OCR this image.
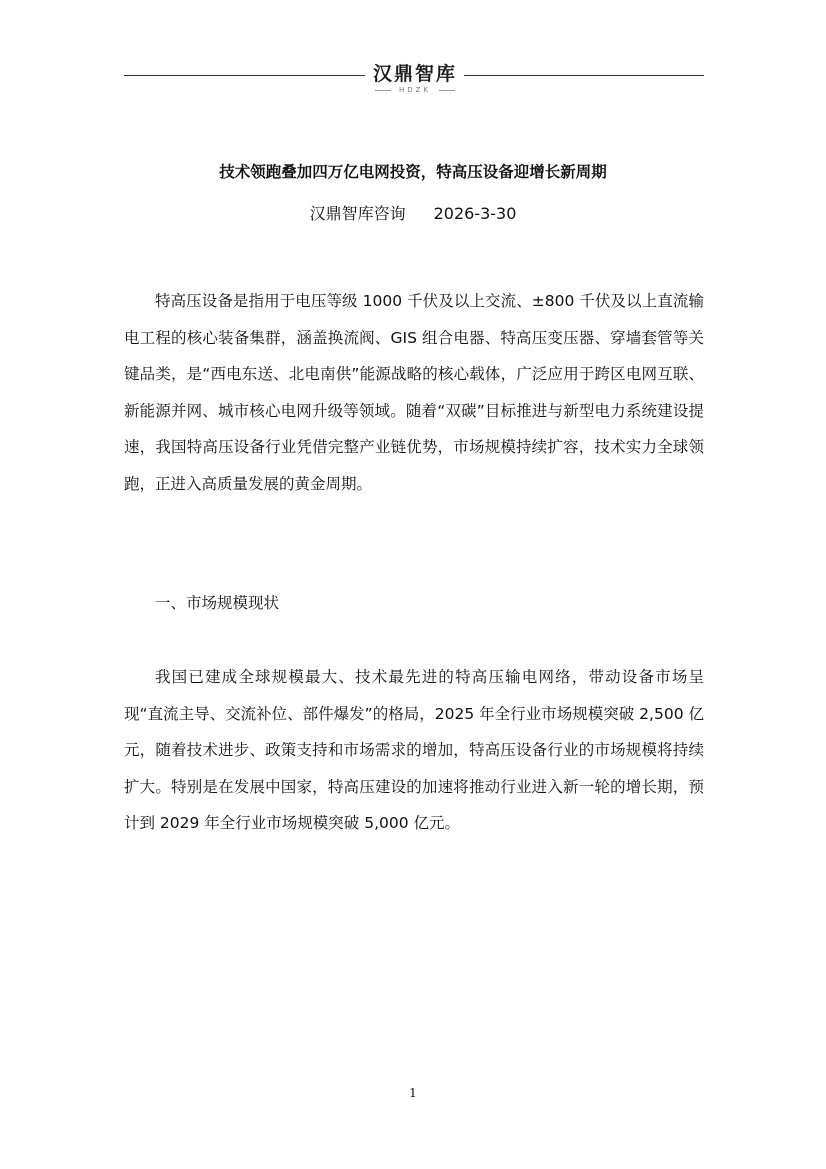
汉鼎智库
HDZK
技术领跑叠加四万亿电网投资，特高压设备迎增长新周期
汉鼎智库咨询 2026-3-30

特高压设备是指用于电压等级 1000 千伏及以上交流、±800 千伏及以上直流输电工程的核心装备集群，涵盖换流阀、GIS 组合电器、特高压变压器、穿墙套管等关键品类，是“西电东送、北电南供”能源战略的核心载体，广泛应用于跨区电网互联、新能源并网、城市核心电网升级等领域。随着“双碳”目标推进与新型电力系统建设提速，我国特高压设备行业凭借完整产业链优势，市场规模持续扩容，技术实力全球领跑，正进入高质量发展的黄金周期。

一、市场规模现状

我国已建成全球规模最大、技术最先进的特高压输电网络，带动设备市场呈现“直流主导、交流补位、部件爆发”的格局，2025 年全行业市场规模突破 2,500 亿元，随着技术进步、政策支持和市场需求的增加，特高压设备行业的市场规模将持续扩大。特别是在发展中国家，特高压建设的加速将推动行业进入新一轮的增长期，预计到 2029 年全行业市场规模突破 5,000 亿元。

1
